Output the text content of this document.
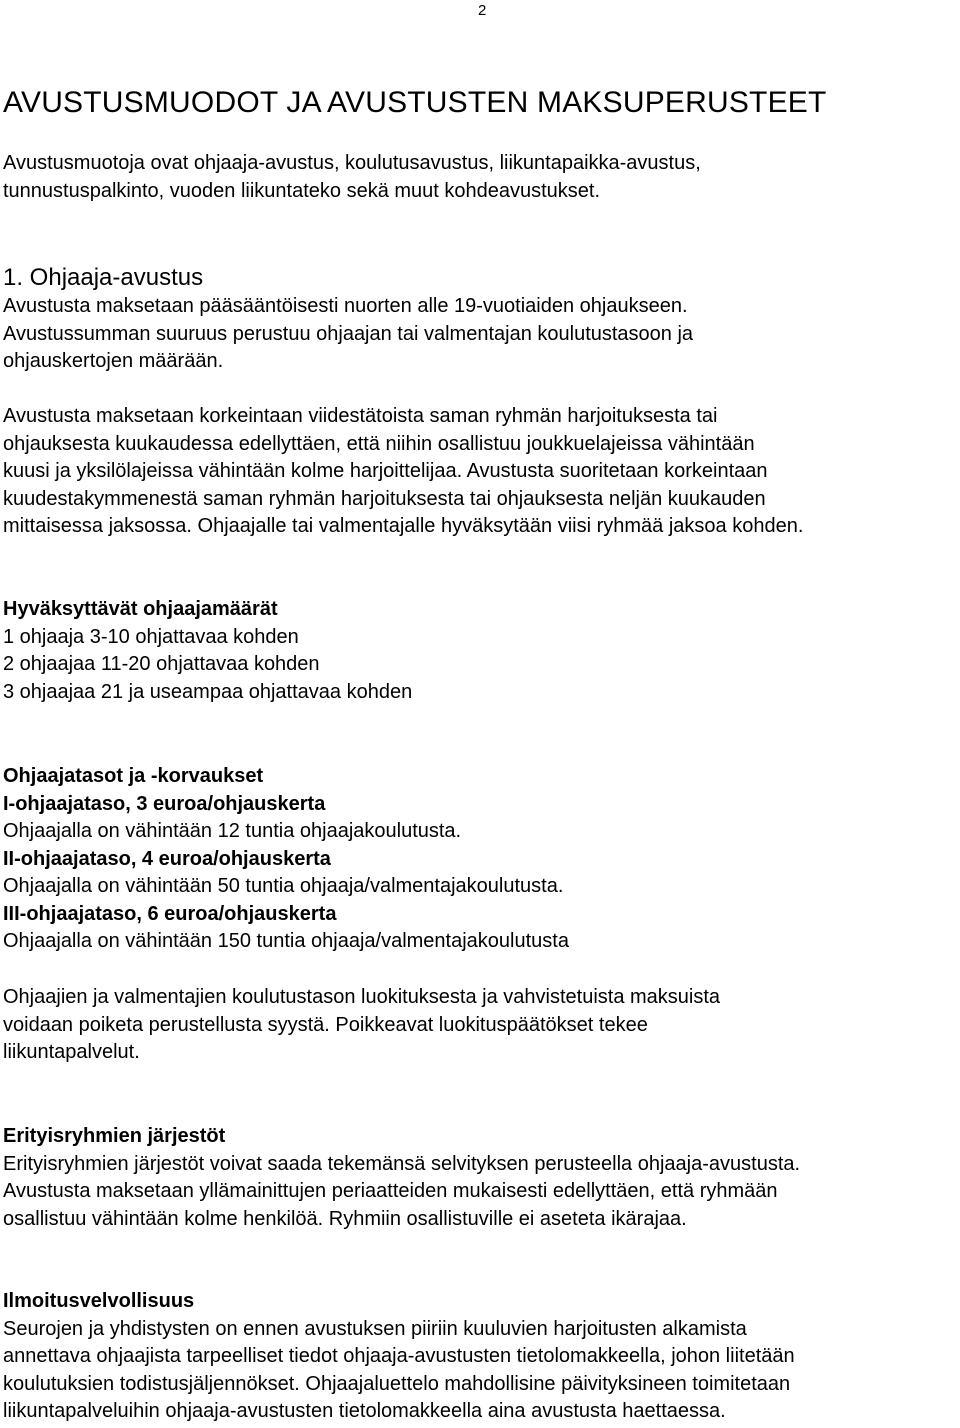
2
AVUSTUSMUODOT JA AVUSTUSTEN MAKSUPERUSTEET
Avustusmuotoja ovat ohjaaja-avustus, koulutusavustus, liikuntapaikka-avustus,
tunnustuspalkinto, vuoden liikuntateko sekä muut kohdeavustukset.
1. Ohjaaja-avustus
Avustusta maksetaan pääsääntöisesti nuorten alle 19-vuotiaiden ohjaukseen.
Avustussumman suuruus perustuu ohjaajan tai valmentajan koulutustasoon ja
ohjauskertojen määrään.
Avustusta maksetaan korkeintaan viidestätoista saman ryhmän harjoituksesta tai
ohjauksesta kuukaudessa edellyttäen, että niihin osallistuu joukkuelajeissa vähintään
kuusi ja yksilölajeissa vähintään kolme harjoittelijaa. Avustusta suoritetaan korkeintaan
kuudestakymmenestä saman ryhmän harjoituksesta tai ohjauksesta neljän kuukauden
mittaisessa jaksossa. Ohjaajalle tai valmentajalle hyväksytään viisi ryhmää jaksoa kohden.
Hyväksyttävät ohjaajamäärät
1 ohjaaja 3-10 ohjattavaa kohden
2 ohjaajaa 11-20 ohjattavaa kohden
3 ohjaajaa 21 ja useampaa ohjattavaa kohden
Ohjaajatasot ja -korvaukset
I-ohjaajataso, 3 euroa/ohjauskerta
Ohjaajalla on vähintään 12 tuntia ohjaajakoulutusta.
II-ohjaajataso, 4 euroa/ohjauskerta
Ohjaajalla on vähintään 50 tuntia ohjaaja/valmentajakoulutusta.
III-ohjaajataso, 6 euroa/ohjauskerta
Ohjaajalla on vähintään 150 tuntia ohjaaja/valmentajakoulutusta
Ohjaajien ja valmentajien koulutustason luokituksesta ja vahvistetuista maksuista
voidaan poiketa perustellusta syystä. Poikkeavat luokituspäätökset tekee
liikuntapalvelut.
Erityisryhmien järjestöt
Erityisryhmien järjestöt voivat saada tekemänsä selvityksen perusteella ohjaaja-avustusta.
Avustusta maksetaan yllämainittujen periaatteiden mukaisesti edellyttäen, että ryhmään
osallistuu vähintään kolme henkilöä. Ryhmiin osallistuville ei aseteta ikärajaa.
Ilmoitusvelvollisuus
Seurojen ja yhdistysten on ennen avustuksen piiriin kuuluvien harjoitusten alkamista
annettava ohjaajista tarpeelliset tiedot ohjaaja-avustusten tietolomakkeella, johon liitetään
koulutuksien todistusjäljennökset. Ohjaajaluettelo mahdollisine päivityksineen toimitetaan
liikuntapalveluihin ohjaaja-avustusten tietolomakkeella aina avustusta haettaessa.
